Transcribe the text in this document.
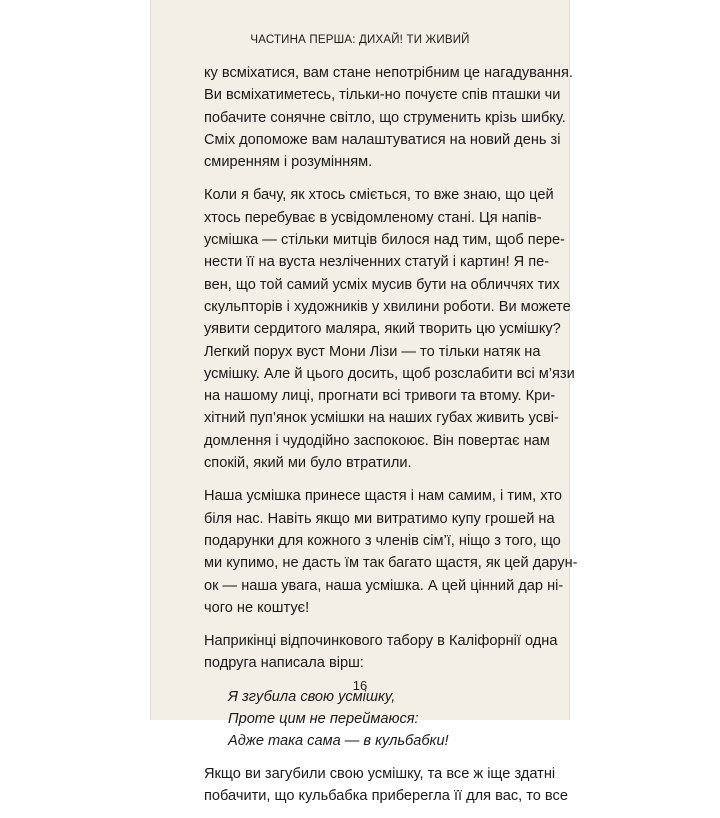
ЧАСТИНА ПЕРША: ДИХАЙ! ТИ ЖИВИЙ
ку всміхатися, вам стане непотрібним це нагадування.
Ви всміхатиметесь, тільки-но почуєте спів пташки чи
побачите сонячне світло, що струменить крізь шибку.
Сміх допоможе вам налаштуватися на новий день зі
смиренням і розумінням.
Коли я бачу, як хтось сміється, то вже знаю, що цей
хтось перебуває в усвідомленому стані. Ця напів-
усмішка — стільки митців билося над тим, щоб пере-
нести її на вуста незліченних статуй і картин! Я пе-
вен, що той самий усміх мусив бути на обличчях тих
скульпторів і художників у хвилини роботи. Ви можете
уявити сердитого маляра, який творить цю усмішку?
Легкий порух вуст Мони Лізи — то тільки натяк на
усмішку. Але й цього досить, щоб розслабити всі м’язи
на нашому лиці, прогнати всі тривоги та втому. Кри-
хітний пуп’янок усмішки на наших губах живить усві-
домлення і чудодійно заспокоює. Він повертає нам
спокій, який ми було втратили.
Наша усмішка принесе щастя і нам самим, і тим, хто
біля нас. Навіть якщо ми витратимо купу грошей на
подарунки для кожного з членів сім’ї, ніщо з того, що
ми купимо, не дасть їм так багато щастя, як цей дарун-
ок — наша увага, наша усмішка. А цей цінний дар ні-
чого не коштує!
Наприкінці відпочинкового табору в Каліфорнії одна
подруга написала вірш:
Я згубила свою усмішку,
Проте цим не переймаюся:
Адже така сама — в кульбабки!
Якщо ви загубили свою усмішку, та все ж іще здатні
побачити, що кульбабка приберегла її для вас, то все
16
